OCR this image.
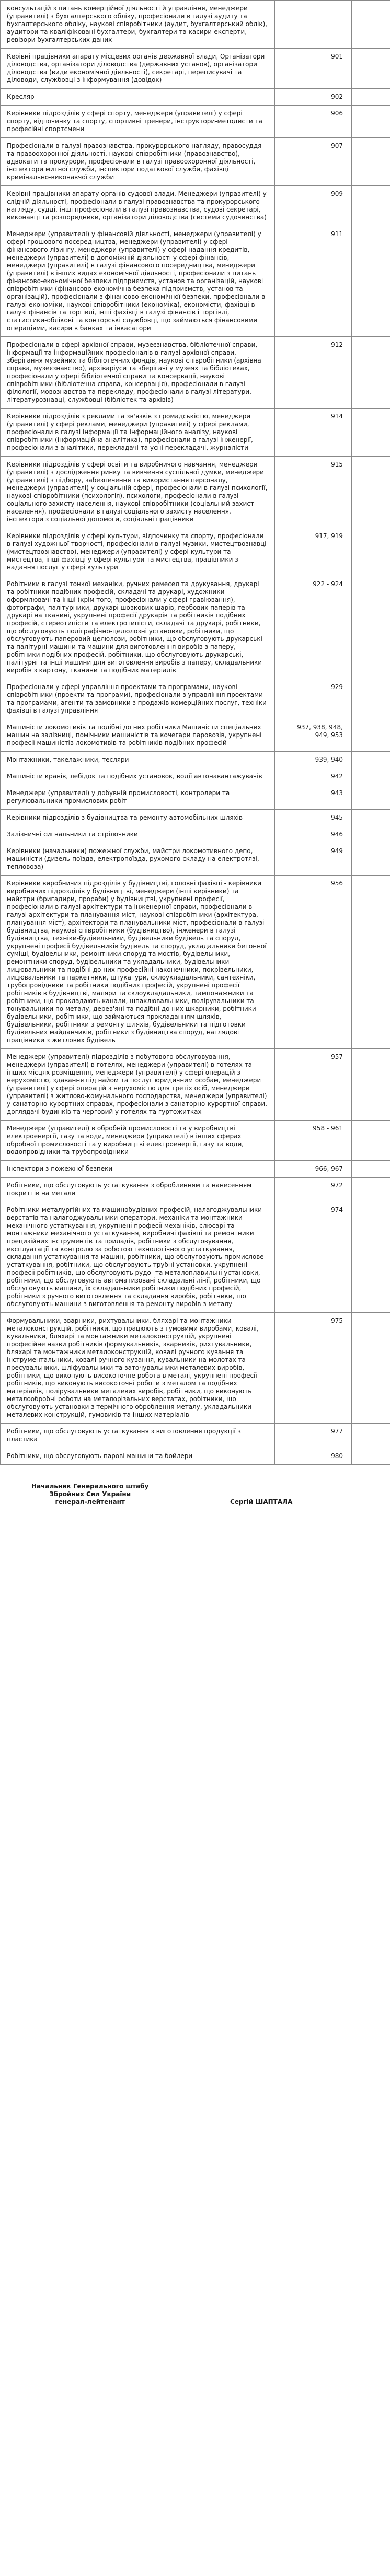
консультацій з питань комерційної діяльності й управління, менеджери (управителі) з бухгалтерського обліку, професіонали в галузі аудиту та бухгалтерського обліку, наукові співробітники (аудит, бухгалтерський облік), аудитори та кваліфіковані бухгалтери, бухгалтери та касири-експерти, ревізори бухгалтерських даних		
Керівні працівники апарату місцевих органів державної влади, Організатори діловодства, організатори діловодства (державних установ), організатори діловодства (види економічної діяльності), секретарі, переписувачі та діловоди, службовці з інформування (довідок)	901	
Кресляр	902	
Керівники підрозділів у сфері спорту, менеджери (управителі) у сфері спорту, відпочинку та спорту, спортивні тренери, інструктори-методисти та професійні спортсмени	906	
Професіонали в галузі правознавства, прокурорського нагляду, правосуддя та правоохоронної діяльності, наукові співробітники (правознавство), адвокати та прокурори, професіонали в галузі правоохоронної діяльності, інспектори митної служби, інспектори податкової служби, фахівці кримінально-виконавчої служби	907	
Керівні працівники апарату органів судової влади, Менеджери (управителі) у слідчій діяльності, професіонали в галузі правознавства та прокурорського нагляду, судді, інші професіонали в галузі правознавства, судові секретарі, виконавці та розпорядники, організатори діловодства (системи судочинства)	909	
Менеджери (управителі) у фінансовій діяльності, менеджери (управителі) у сфері грошового посередництва, менеджери (управителі) у сфері фінансового лізингу, менеджери (управителі) у сфері надання кредитів, менеджери (управителі) в допоміжній діяльності у сфері фінансів, менеджери (управителі) в галузі фінансового посередництва, менеджери (управителі) в інших видах економічної діяльності, професіонали з питань фінансово-економічної безпеки підприємств, установ та організацій, наукові співробітники (фінансово-економічна безпека підприємств, установ та організацій), професіонали з фінансово-економічної безпеки, професіонали в галузі економіки, наукові співробітники (економіка), економісти, фахівці в галузі фінансів та торгівлі, інші фахівці в галузі фінансів і торгівлі, статистики-облікові та конторські службовці, що займаються фінансовими операціями, касири в банках та інкасатори	911	
Професіонали в сфері архівної справи, музеєзнавства, бібліотечної справи, інформації та інформаційних професіоналів в галузі архівної справи, зберігання музейних та бібліотечних фондів, наукові співробітники (архівна справа, музеєзнавство), архіваріуси та зберігачі у музеях та бібліотеках, професіонали у сфері бібліотечної справи та консервації, наукові співробітники (бібліотечна справа, консервація), професіонали в галузі філології, мовознавства та перекладу, професіонали в галузі літератури, літературознавці, службовці (бібліотек та архівів)	912	
Керівники підрозділів з реклами та зв'язків з громадськістю, менеджери (управителі) у сфері реклами, менеджери (управителі) у сфері реклами, професіонали в галузі інформації та інформаційного аналізу, наукові співробітники (інформаційна аналітика), професіонали в галузі інженерії, професіонали з аналітики, перекладачі та усні перекладачі, журналісти	914	
Керівники підрозділів у сфері освіти та виробничого навчання, менеджери (управителі) з дослідження ринку та вивчення суспільної думки, менеджери (управителі) з підбору, забезпечення та використання персоналу, менеджери (управителі) у соціальній сфері, професіонали в галузі психології, наукові співробітники (психологія), психологи, професіонали в галузі соціального захисту населення, наукові співробітники (соціальний захист населення), професіонали в галузі соціального захисту населення, інспектори з соціальної допомоги, соціальні працівники	915	
Керівники підрозділів у сфері культури, відпочинку та спорту, професіонали в галузі художньої творчості, професіонали в галузі музики, мистецтвознавці (мистецтвознавство), менеджери (управителі) у сфері культури та мистецтва, інші фахівці у сфері культури та мистецтва, працівники з надання послуг у сфері культури	917, 919	
Робітники в галузі тонкої механіки, ручних ремесел та друкування, друкарі та робітники подібних професій, складачі та друкарі, художники-оформлювачі та інші (крім того, професіонали у сфері гравіювання), фотографи, палітурники, друкарі шовкових шарів, гербових паперів та друкарі на тканині, укрупнені професії друкарів та робітників подібних професій, стереотипісти та електротипісти, складачі та друкарі, робітники, що обслуговують поліграфічно-целюлозні установки, робітники, що обслуговують паперовий целюлози, робітники, що обслуговують друкарські та палітурні машини та машини для виготовлення виробів з паперу, робітники подібних професій, робітники, що обслуговують друкарські, палітурні та інші машини для виготовлення виробів з паперу, складальники виробів з картону, тканини та подібних матеріалів	922 - 924	
Професіонали у сфері управління проектами та програмами, наукові співробітники (проекти та програми), професіонали з управління проектами та програмами, агенти та замовники з продажів комерційних послуг, техніки фахівці в галузі управління	929	
Машиністи локомотивів та подібні до них робітники Машиністи спеціальних машин на залізниці, помічники машиністів та кочегари паровозів, укрупнені професії машиністів локомотивів та робітників подібних професій	937, 938, 948, 949, 953	
Монтажники, такелажники, тесляри	939, 940	
Машиністи кранів, лебідок та подібних установок, водії автонавантажувачів	942	
Менеджери (управителі) у добувній промисловості, контролери та регулювальники промислових робіт	943	
Керівники підрозділів з будівництва та ремонту автомобільних шляхів	945	
Залізничні сигнальники та стрілочники	946	
Керівники (начальники) пожежної служби, майстри локомотивного депо, машиністи (дизель-поїзда, електропоїзда, рухомого складу на електротязі, тепловоза)	949	
Керівники виробничих підрозділів у будівництві, головні фахівці - керівники виробничих підрозділів у будівництві, менеджери (інші керівники) та майстри (бригадири, прораби) у будівництві, укрупнені професії, професіонали в галузі архітектури та інженерної справи, професіонали в галузі архітектури та планування міст, наукові співробітники (архітектура, планування міст), архітектори та планувальники міст, професіонали в галузі будівництва, наукові співробітники (будівництво), інженери в галузі будівництва, техніки-будівельники, будівельники будівель та споруд, укрупнені професії будівельників будівель та споруд, укладальники бетонної суміші, будівельники, ремонтники споруд та мостів, будівельники, ремонтники споруд, будівельники та укладальники, будівельники лицювальники та подібні до них професійні наконечники, покрівельники, лицювальники та паркетники, штукатури, склоукладальники, сантехніки, трубопровідники та робітники подібних професій, укрупнені професії робітників в будівництві, маляри та склоукладальники, тампонажники та робітники, що прокладають канали, шпаклювальники, полірувальники та тонувальники по металу, дерев'яні та подібні до них шкарники, робітники-будівельники, робітники, що займаються прокладанням шляхів, будівельники, робітники з ремонту шляхів, будівельники та підготовки будівельних майданчиків, робітники з будівництва споруд, наглядові працівники з житлових будівель	956	
Менеджери (управителі) підрозділів з побутового обслуговування, менеджери (управителі) в готелях, менеджери (управителі) в готелях та інших місцях розміщення, менеджери (управителі) у сфері операцій з нерухомістю, здавання під найом та послуг юридичним особам, менеджери (управителі) у сфері операцій з нерухомістю для третіх осіб, менеджери (управителі) з житлово-комунального господарства, менеджери (управителі) у санаторно-курортних справах, професіонали з санаторно-курортної справи, доглядачі будинків та черговий у готелях та гуртожитках	957	
Менеджери (управителі) в обробній промисловості та у виробництві електроенергії, газу та води, менеджери (управителі) в інших сферах обробної промисловості та у виробництві електроенергії, газу та води, водопровідники та трубопровідники	958 - 961	
Інспектори з пожежної безпеки	966, 967	
Робітники, що обслуговують устаткування з обробленням та нанесенням покриттів на метали	972	
Робітники металургійних та машинобудівних професій, налагоджувальники верстатів та налагоджувальники-оператори, механіки та монтажники механічного устаткування, укрупнені професії механіків, слюсарі та монтажники механічного устаткування, виробничі фахівці та ремонтники прецизійних інструментів та приладів, робітники з обслуговування, експлуатації та контролю за роботою технологічного устаткування, складання устаткування та машин, робітники, що обслуговують промислове устаткування, робітники, що обслуговують трубні установки, укрупнені професії робітників, що обслуговують рудо- та металоплавильні установки, робітники, що обслуговують автоматизовані складальні лінії, робітники, що обслуговують машини, їх складальники робітники подібних професій, робітники з ручного виготовлення та складання виробів, робітники, що обслуговують машини з виготовлення та ремонту виробів з металу	974	
Формувальники, зварники, рихтувальники, бляхарі та монтажники металоконструкцій, робітники, що працюють з гумовими виробами, ковалі, кувальники, бляхарі та монтажники металоконструкцій, укрупнені професійне назви робітників формувальників, зварників, рихтувальники, бляхарі та монтажники металоконструкцій, ковалі ручного кування та інструментальники, ковалі ручного кування, кувальники на молотах та пресувальники, шліфувальники та заточувальники металевих виробів, робітники, що виконують високоточне робота в металі, укрупнені професії робітників, що виконують високоточні роботи з металом та подібних матеріалів, полірувальники металевих виробів, робітники, що виконують металообробні роботи на металорізальних верстатах, робітники, що обслуговують установки з термічного оброблення металу, укладальники металевих конструкцій, гумовиків та інших матеріалів	975	
Робітники, що обслуговують устаткування з виготовлення продукції з пластика	977	
Робітники, що обслуговують парові машини та бойлери	980	
Начальник Генерального штабу
Збройних Сил України
генерал-лейтенант	Сергій ШАПТАЛА
